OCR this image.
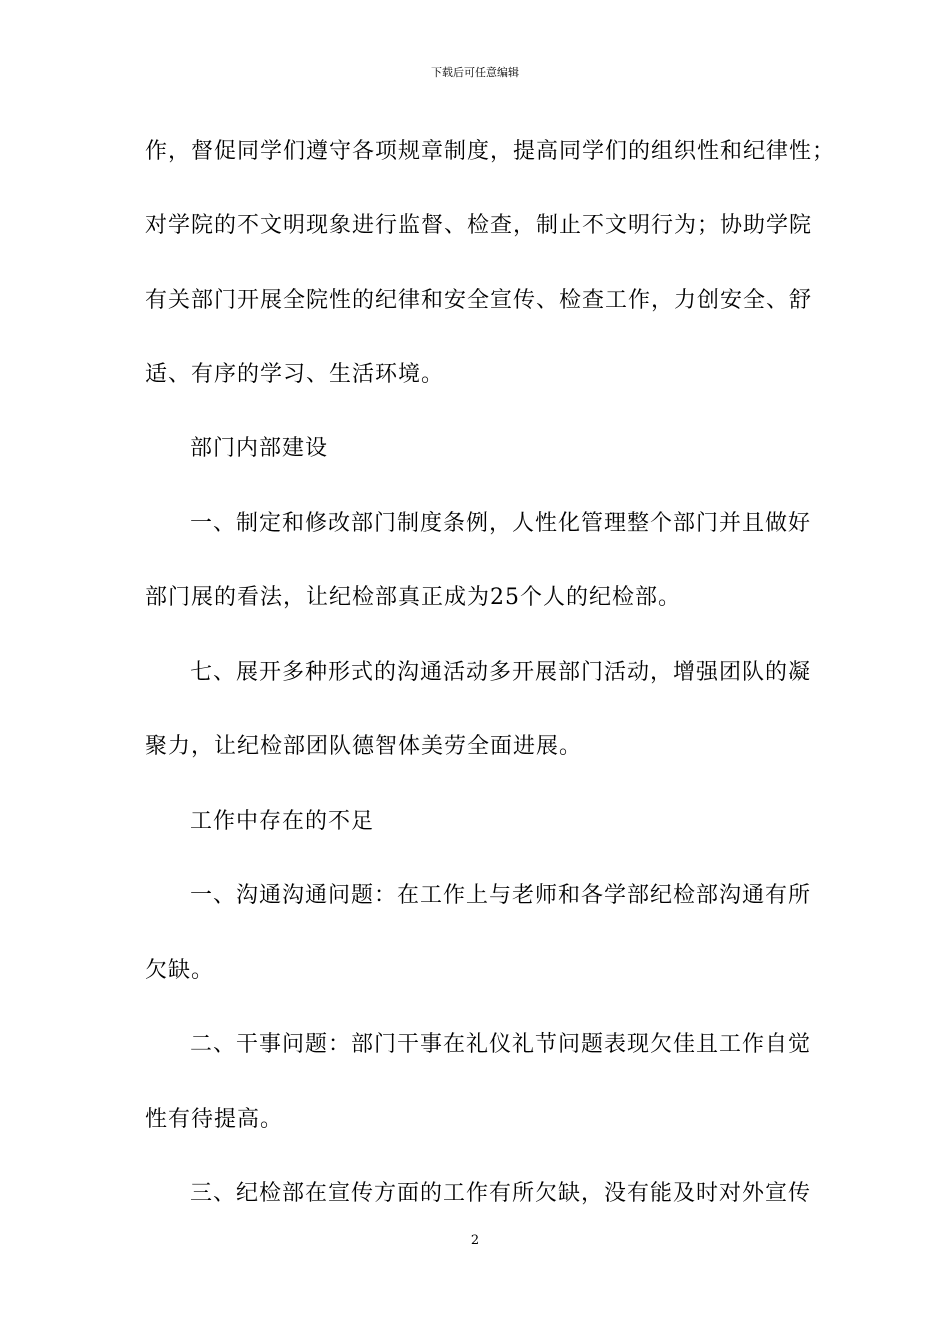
下载后可任意编辑
作，督促同学们遵守各项规章制度，提高同学们的组织性和纪律性；
对学院的不文明现象进行监督、检查，制止不文明行为；协助学院
有关部门开展全院性的纪律和安全宣传、检查工作，力创安全、舒
适、有序的学习、生活环境。
部门内部建设
一、制定和修改部门制度条例，人性化管理整个部门并且做好
部门展的看法，让纪检部真正成为25个人的纪检部。
七、展开多种形式的沟通活动多开展部门活动，增强团队的凝
聚力，让纪检部团队德智体美劳全面进展。
工作中存在的不足
一、沟通沟通问题：在工作上与老师和各学部纪检部沟通有所
欠缺。
二、干事问题：部门干事在礼仪礼节问题表现欠佳且工作自觉
性有待提高。
三、纪检部在宣传方面的工作有所欠缺，没有能及时对外宣传
2
